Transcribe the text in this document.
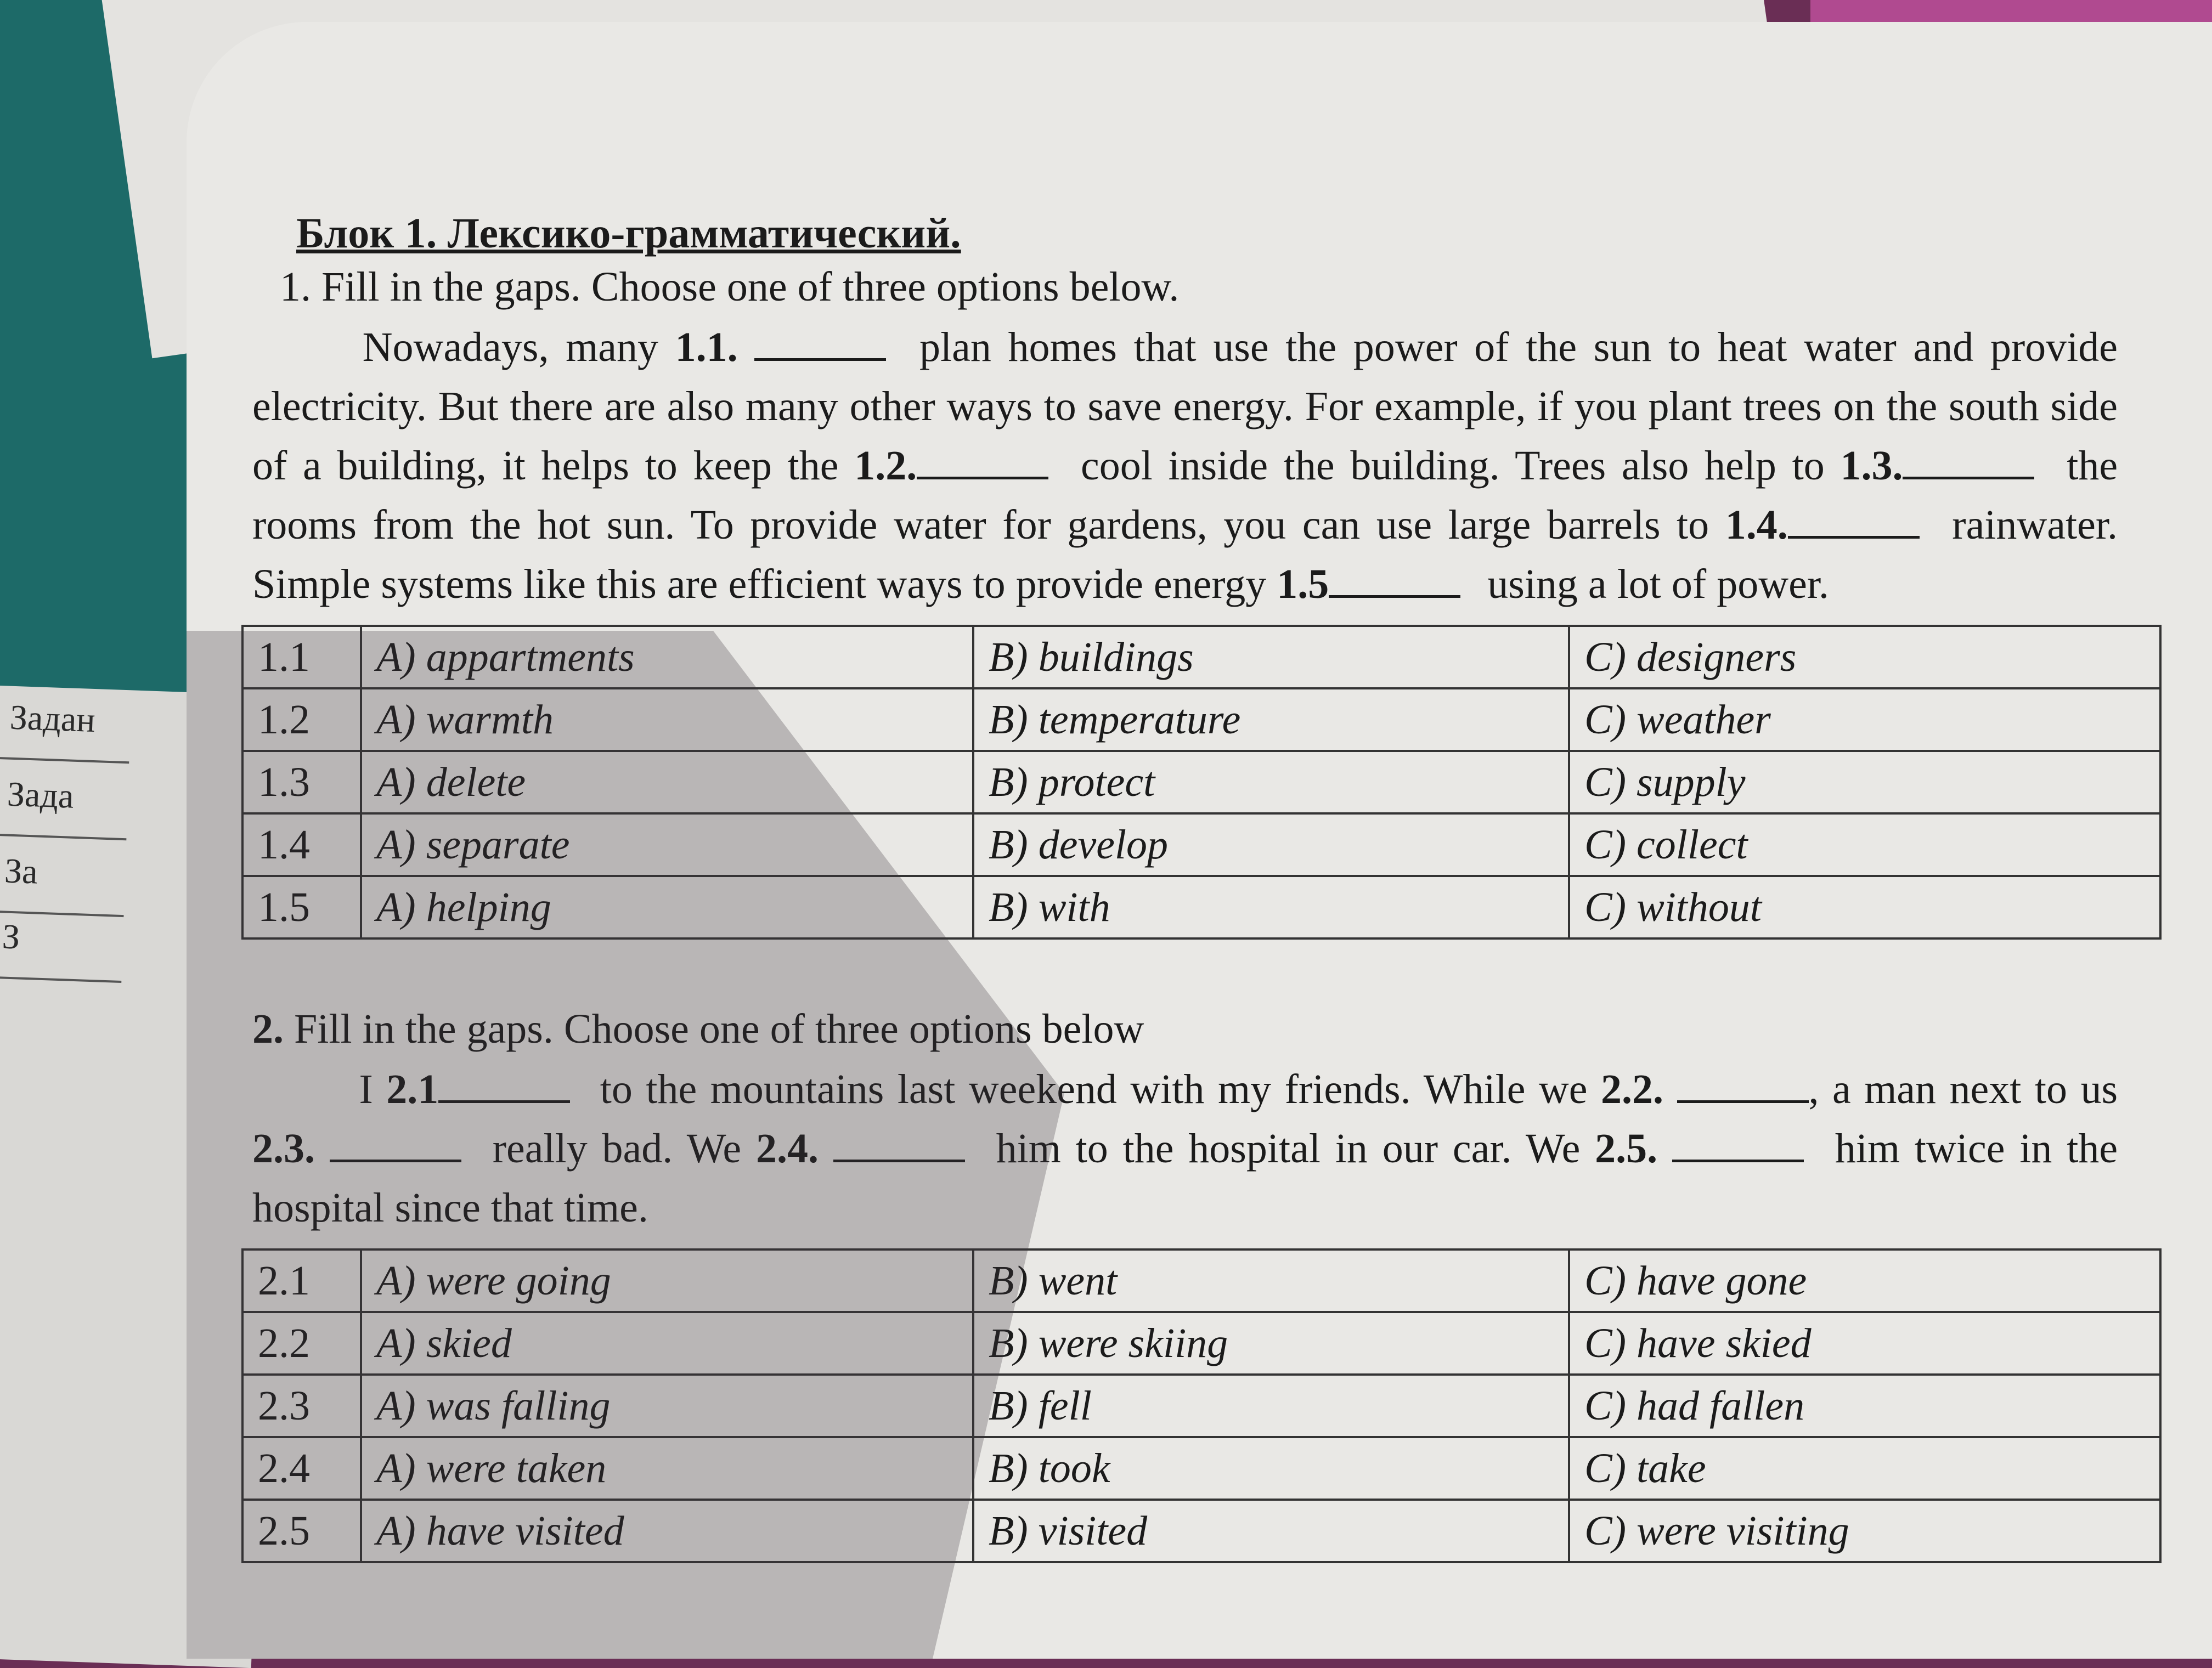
Задан
Зада
За
З
Блок 1. Лексико-грамматический.
1. Fill in the gaps. Choose one of three options below.
Nowadays, many 1.1.	plan homes that use the power of the sun to heat water and provide electricity. But there are also many other ways to save energy. For example, if you plant trees on the south side of a building, it helps to keep the 1.2.	cool inside the building. Trees also help to 1.3.	the rooms from the hot sun. To provide water for gardens, you can use large barrels to 1.4.	rainwater. Simple systems like this are efficient ways to provide energy 1.5	using a lot of power.
1.1	A) appartments	B) buildings	C) designers
1.2	A) warmth	B) temperature	C) weather
1.3	A) delete	B) protect	C) supply
1.4	A) separate	B) develop	C) collect
1.5	A) helping	B) with	C) without
2. Fill in the gaps. Choose one of three options below
I 2.1	to the mountains last weekend with my friends. While we 2.2.	, a man next to us 2.3.	really bad. We 2.4.	him to the hospital in our car. We 2.5.	him twice in the hospital since that time.
2.1	A) were going	B) went	C) have gone
2.2	A) skied	B) were skiing	C) have skied
2.3	A) was falling	B) fell	C) had fallen
2.4	A) were taken	B) took	C) take
2.5	A) have visited	B) visited	C) were visiting
